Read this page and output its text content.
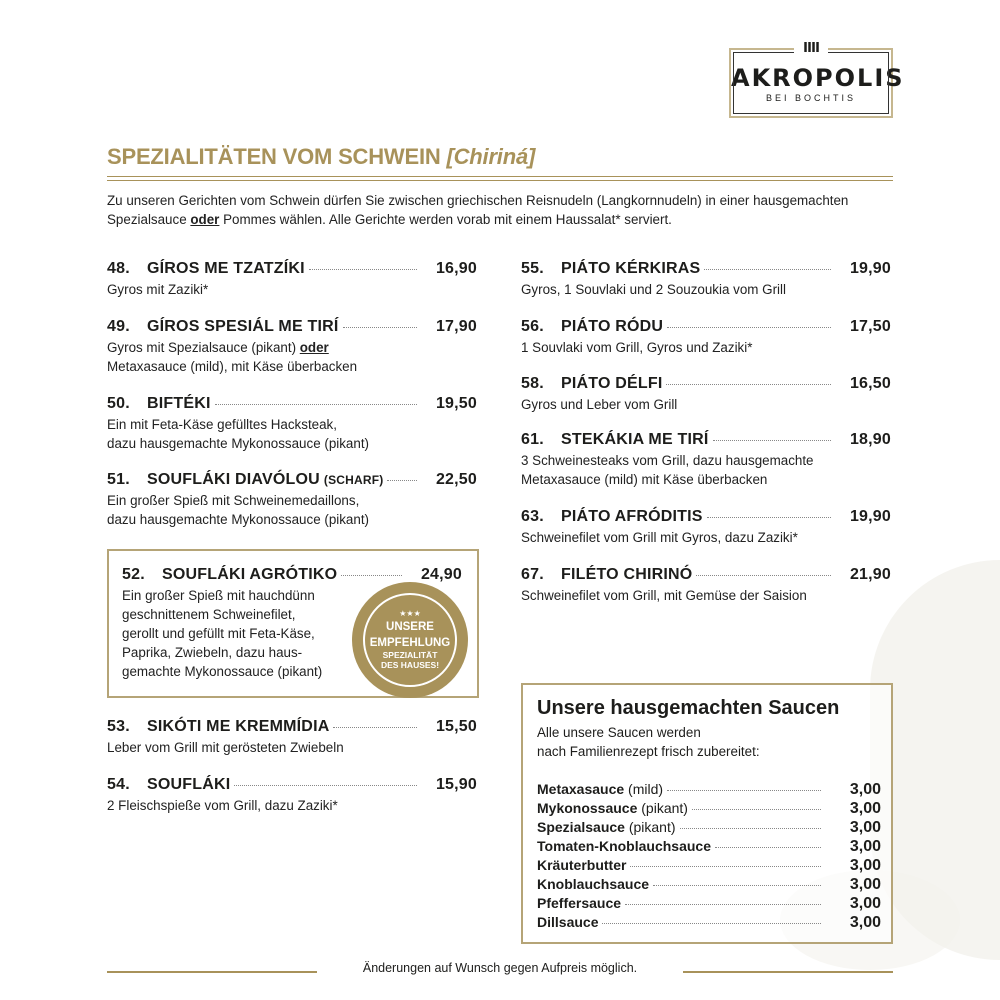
AKROPOLIS
BEI BOCHTIS
ıııı
SPEZIALITÄTEN VOM SCHWEIN [Chiriná]
Zu unseren Gerichten vom Schwein dürfen Sie zwischen griechischen Reisnudeln (Langkornnudeln) in einer hausgemachten Spezialsauce oder Pommes wählen. Alle Gerichte werden vorab mit einem Haussalat* serviert.
48.	GÍROS ME TZATZÍKI	16,90
Gyros mit Zaziki*
49.	GÍROS SPESIÁL ME TIRÍ	17,90
Gyros mit Spezialsauce (pikant) oder
Metaxasauce (mild), mit Käse überbacken
50.	BIFTÉKI	19,50
Ein mit Feta-Käse gefülltes Hacksteak,
dazu hausgemachte Mykonossauce (pikant)
51.	SOUFLÁKI DIAVÓLOU (SCHARF)	22,50
Ein großer Spieß mit Schweinemedaillons,
dazu hausgemachte Mykonossauce (pikant)
52.	SOUFLÁKI AGRÓTIKO	24,90
Ein großer Spieß mit hauchdünn
geschnittenem Schweinefilet,
gerollt und gefüllt mit Feta-Käse,
Paprika, Zwiebeln, dazu haus-
gemachte Mykonossauce (pikant)
53.	SIKÓTI ME KREMMÍDIA	15,50
Leber vom Grill mit gerösteten Zwiebeln
54.	SOUFLÁKI	15,90
2 Fleischspieße vom Grill, dazu Zaziki*
55.	PIÁTO KÉRKIRAS	19,90
Gyros, 1 Souvlaki und 2 Souzoukia vom Grill
56.	PIÁTO RÓDU	17,50
1 Souvlaki vom Grill, Gyros und Zaziki*
58.	PIÁTO DÉLFI	16,50
Gyros und Leber vom Grill
61.	STEKÁKIA ME TIRÍ	18,90
3 Schweinesteaks vom Grill, dazu hausgemachte
Metaxasauce (mild) mit Käse überbacken
63.	PIÁTO AFRÓDITIS	19,90
Schweinefilet vom Grill mit Gyros, dazu Zaziki*
67.	FILÉTO CHIRINÓ	21,90
Schweinefilet vom Grill, mit Gemüse der Saision
★★★
UNSERE
EMPFEHLUNG
SPEZIALITÄT
DES HAUSES!
Unsere hausgemachten Saucen
Alle unsere Saucen werden
nach Familienrezept frisch zubereitet:
Metaxasauce (mild)	3,00
Mykonossauce (pikant)	3,00
Spezialsauce (pikant)	3,00
Tomaten-Knoblauchsauce	3,00
Kräuterbutter	3,00
Knoblauchsauce	3,00
Pfeffersauce	3,00
Dillsauce	3,00
Änderungen auf Wunsch gegen Aufpreis möglich.
